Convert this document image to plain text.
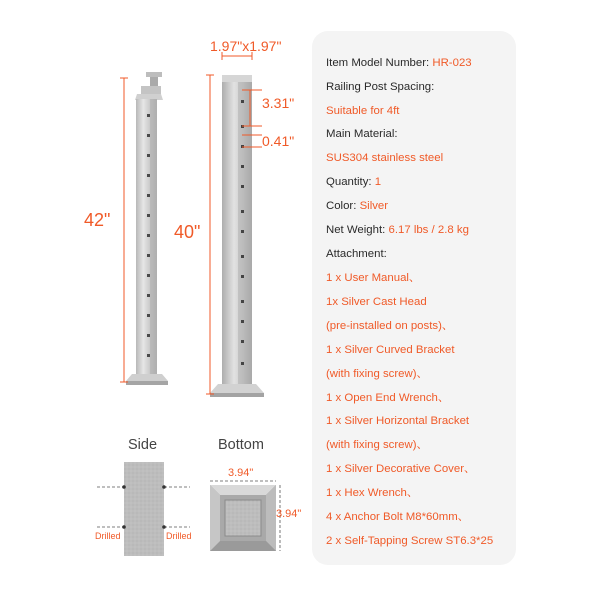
1.97"x1.97"
3.31"
0.41"
42"
40"
3.94"
3.94"
Side	Bottom
Drilled	Drilled
Item Model Number: HR-023
Railing Post Spacing:
Suitable for 4ft
Main Material:
SUS304 stainless steel
Quantity: 1
Color: Silver
Net Weight: 6.17 lbs / 2.8 kg
Attachment:
1 x User Manual、
1x Silver Cast Head
(pre-installed on posts)、
1 x Silver Curved Bracket
(with fixing screw)、
1 x Open End Wrench、
1 x Silver Horizontal Bracket
(with fixing screw)、
1 x Silver Decorative Cover、
1 x Hex Wrench、
4 x Anchor Bolt M8*60mm、
2 x Self-Tapping Screw ST6.3*25
